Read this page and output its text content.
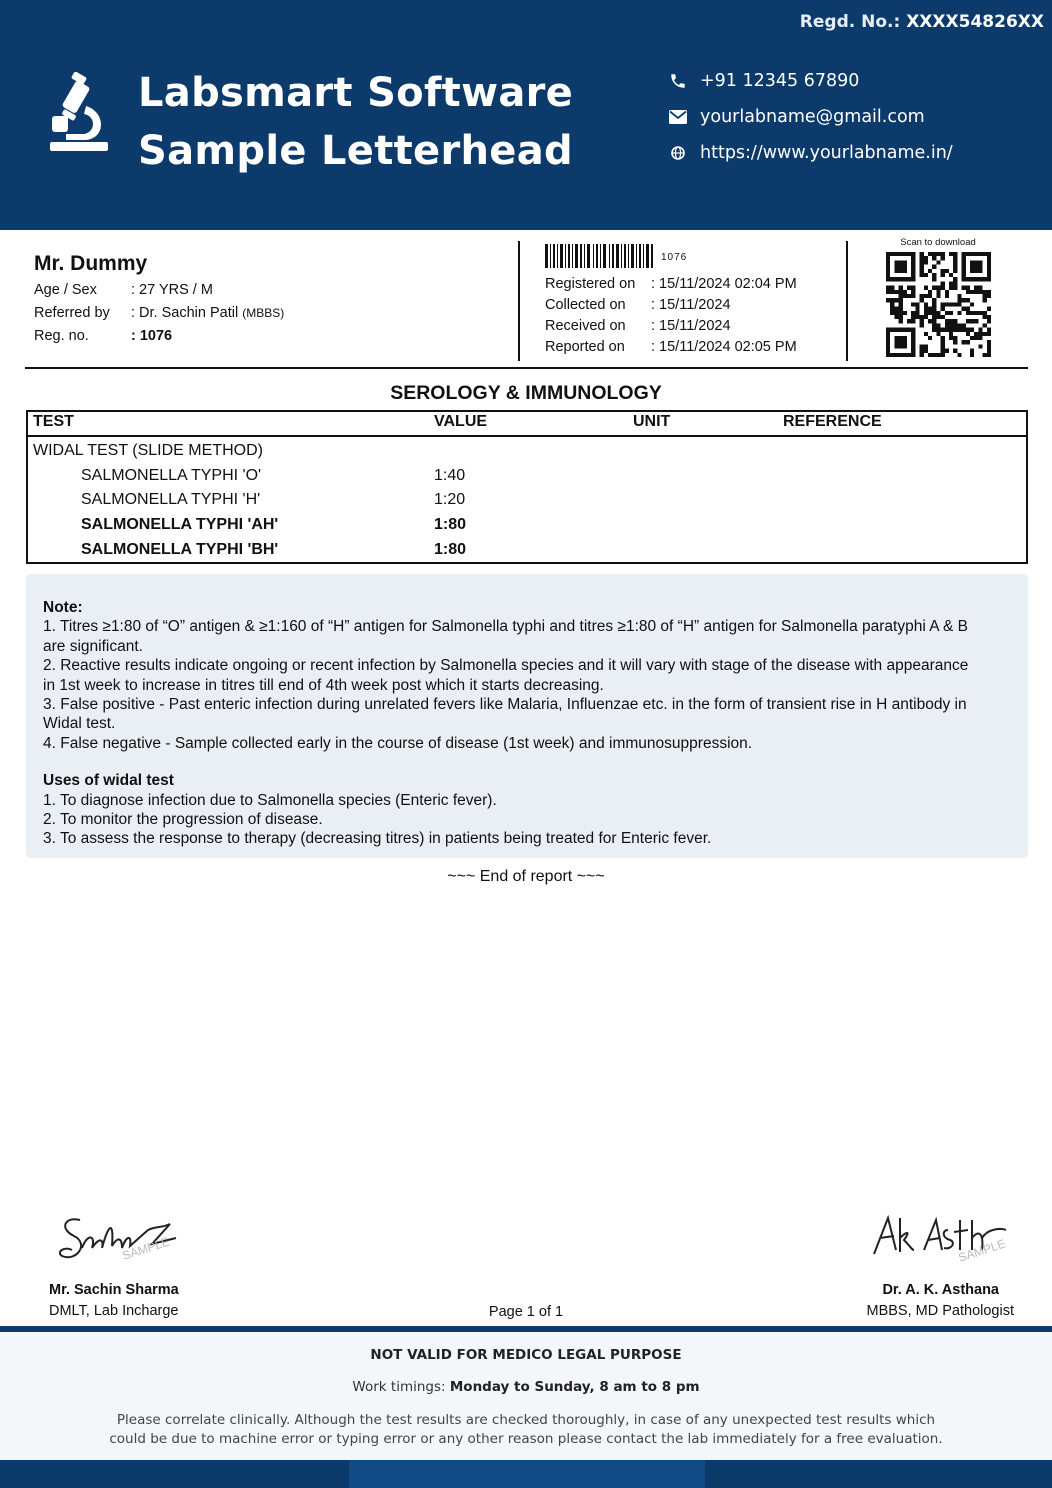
Regd. No.: XXXX54826XX
Labsmart Software
Sample Letterhead
+91 12345 67890
yourlabname@gmail.com
https://www.yourlabname.in/
Mr. Dummy
Age / Sex : 27 YRS / M
Referred by : Dr. Sachin Patil (MBBS)
Reg. no.	: 1076
1076
Registered on : 15/11/2024 02:04 PM
Collected on : 15/11/2024
Received on : 15/11/2024
Reported on : 15/11/2024 02:05 PM
Scan to download
SEROLOGY & IMMUNOLOGY
TEST	VALUE	UNIT	REFERENCE
WIDAL TEST (SLIDE METHOD)
SALMONELLA TYPHI 'O'	1:40
SALMONELLA TYPHI 'H'	1:20
SALMONELLA TYPHI 'AH'	1:80
SALMONELLA TYPHI 'BH'	1:80
Note:
1. Titres ≥1:80 of “O” antigen & ≥1:160 of “H” antigen for Salmonella typhi and titres ≥1:80 of “H” antigen for Salmonella paratyphi A & B
are significant.
2. Reactive results indicate ongoing or recent infection by Salmonella species and it will vary with stage of the disease with appearance
in 1st week to increase in titres till end of 4th week post which it starts decreasing.
3. False positive - Past enteric infection during unrelated fevers like Malaria, Influenzae etc. in the form of transient rise in H antibody in
Widal test.
4. False negative - Sample collected early in the course of disease (1st week) and immunosuppression.
Uses of widal test
1. To diagnose infection due to Salmonella species (Enteric fever).
2. To monitor the progression of disease.
3. To assess the response to therapy (decreasing titres) in patients being treated for Enteric fever.
~~~ End of report ~~~
SAMPLE
Mr. Sachin Sharma
DMLT, Lab Incharge	Page 1 of 1
SAMPLE
Dr. A. K. Asthana
MBBS, MD Pathologist
NOT VALID FOR MEDICO LEGAL PURPOSE
Work timings: Monday to Sunday, 8 am to 8 pm
Please correlate clinically. Although the test results are checked thoroughly, in case of any unexpected test results which
could be due to machine error or typing error or any other reason please contact the lab immediately for a free evaluation.
